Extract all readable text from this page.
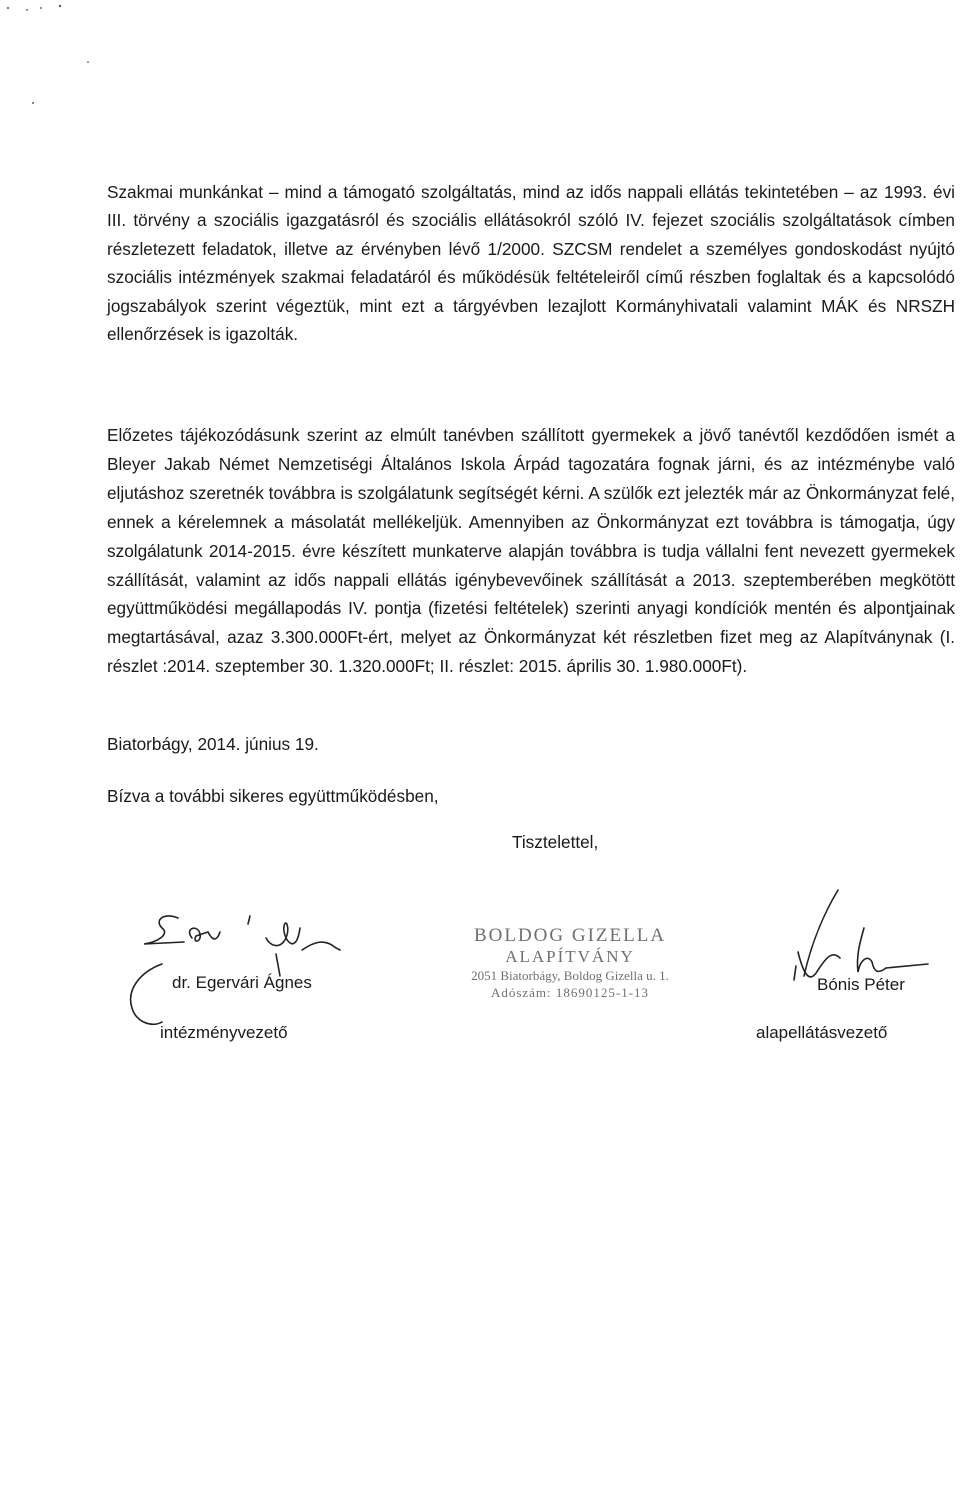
Szakmai munkánkat – mind a támogató szolgáltatás, mind az idős nappali ellátás tekintetében – az 1993. évi III. törvény a szociális igazgatásról és szociális ellátásokról szóló IV. fejezet szociális szolgáltatások címben részletezett feladatok, illetve az érvényben lévő 1/2000. SZCSM rendelet a személyes gondoskodást nyújtó szociális intézmények szakmai feladatáról és működésük feltételeiről című részben foglaltak és a kapcsolódó jogszabályok szerint végeztük, mint ezt a tárgyévben lezajlott Kormányhivatali valamint MÁK és NRSZH ellenőrzések is igazolták.

Előzetes tájékozódásunk szerint az elmúlt tanévben szállított gyermekek a jövő tanévtől kezdődően ismét a Bleyer Jakab Német Nemzetiségi Általános Iskola Árpád tagozatára fognak járni, és az intézménybe való eljutáshoz szeretnék továbbra is szolgálatunk segítségét kérni. A szülők ezt jelezték már az Önkormányzat felé, ennek a kérelemnek a másolatát mellékeljük. Amennyiben az Önkormányzat ezt továbbra is támogatja, úgy szolgálatunk 2014-2015. évre készített munkaterve alapján továbbra is tudja vállalni fent nevezett gyermekek szállítását, valamint az idős nappali ellátás igénybevevőinek szállítását a 2013. szeptemberében megkötött együttműködési megállapodás IV. pontja (fizetési feltételek) szerinti anyagi kondíciók mentén és alpontjainak megtartásával, azaz 3.300.000Ft-ért, melyet az Önkormányzat két részletben fizet meg az Alapítványnak (I. részlet :2014. szeptember 30. 1.320.000Ft; II. részlet: 2015. április 30. 1.980.000Ft).

Biatorbágy, 2014. június 19.

Bízva a további sikeres együttműködésben,

Tisztelettel,

dr. Egervári Ágnes

intézményvezető

BOLDOG GIZELLA
ALAPÍTVÁNY
2051 Biatorbágy, Boldog Gizella u. 1.
Adószám: 18690125-1-13	Bónis Péter

alapellátásvezető
